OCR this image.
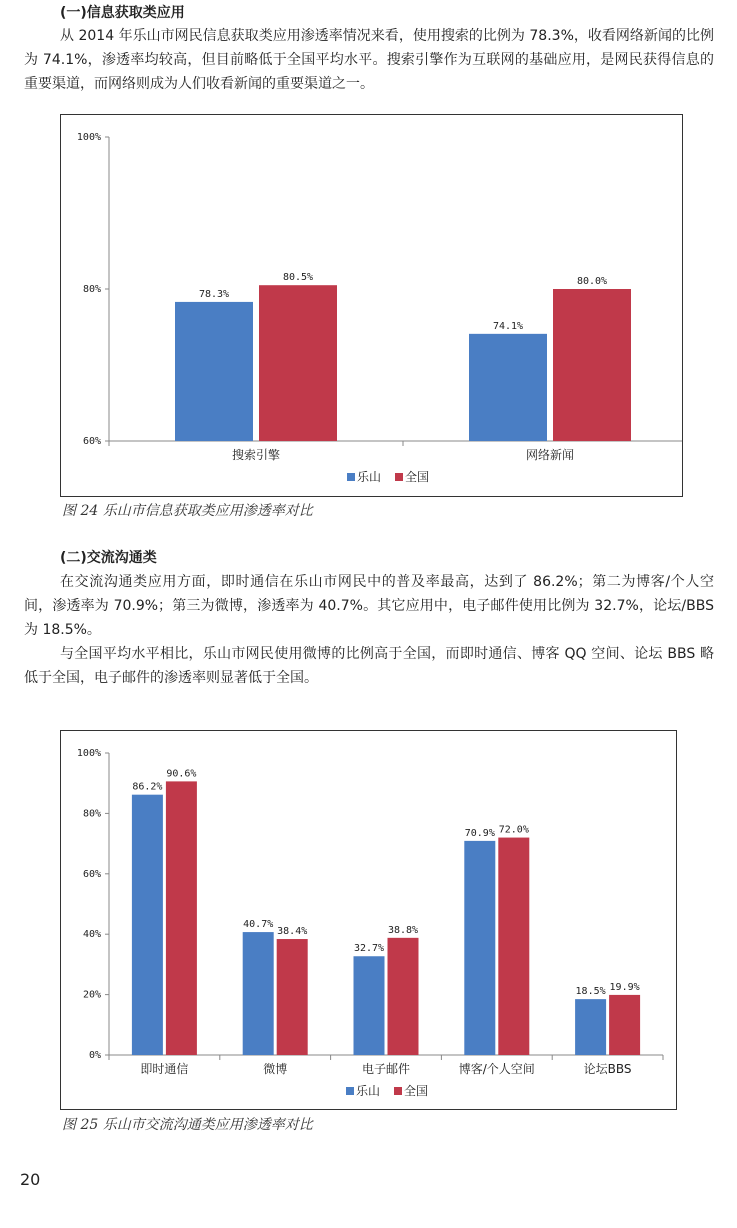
(一)信息获取类应用

从 2014 年乐山市网民信息获取类应用渗透率情况来看，使用搜索的比例为 78.3%，收看网络新闻的比例为 74.1%，渗透率均较高，但目前略低于全国平均水平。搜索引擎作为互联网的基础应用，是网民获得信息的重要渠道，而网络则成为人们收看新闻的重要渠道之一。

60%
80%
100%
搜索引擎
78.3%
80.5%
网络新闻
74.1%
80.0%
乐山 全国
图 24 乐山市信息获取类应用渗透率对比
(二)交流沟通类

在交流沟通类应用方面，即时通信在乐山市网民中的普及率最高，达到了 86.2%；第二为博客/个人空间，渗透率为 70.9%；第三为微博，渗透率为 40.7%。其它应用中，电子邮件使用比例为 32.7%，论坛/BBS 为 18.5%。

与全国平均水平相比，乐山市网民使用微博的比例高于全国，而即时通信、博客 QQ 空间、论坛 BBS 略低于全国，电子邮件的渗透率则显著低于全国。

0%
20%
40%
60%
80%
100%
即时通信
86.2%
90.6%
微博
40.7%
38.4%
电子邮件
32.7%
38.8%
博客/个人空间
70.9% 72.0%
论坛BBS
18.5% 19.9%
乐山 全国
图 25 乐山市交流沟通类应用渗透率对比
20
